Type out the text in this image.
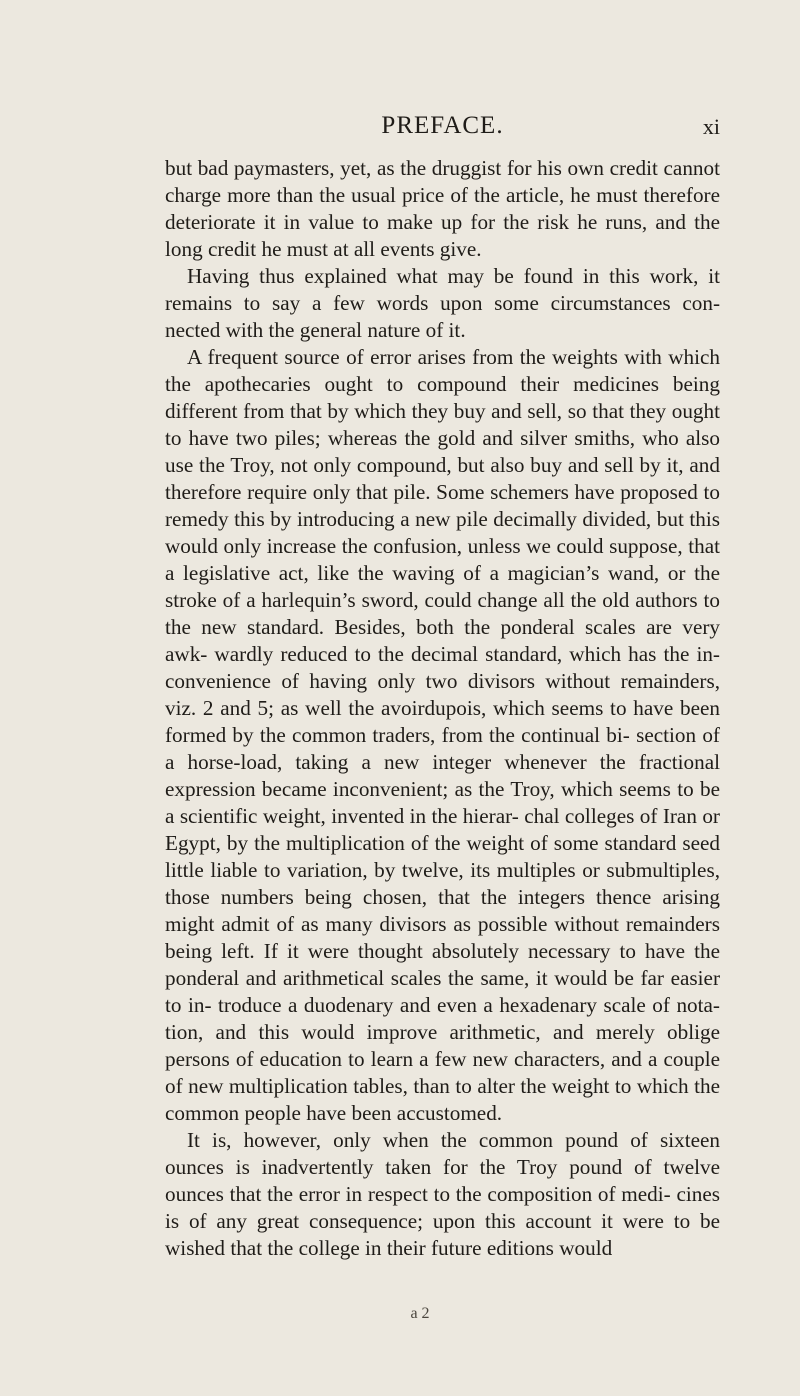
PREFACE.	xi

but bad paymasters, yet, as the druggist for his own credit cannot charge more than the usual price of the article, he must therefore deteriorate it in value to make up for the risk he runs, and the long credit he must at all events give.

Having thus explained what may be found in this work, it remains to say a few words upon some circumstances con- nected with the general nature of it.

A frequent source of error arises from the weights with which the apothecaries ought to compound their medicines being different from that by which they buy and sell, so that they ought to have two piles; whereas the gold and silver smiths, who also use the Troy, not only compound, but also buy and sell by it, and therefore require only that pile. Some schemers have proposed to remedy this by introducing a new pile decimally divided, but this would only increase the confusion, unless we could suppose, that a legislative act, like the waving of a magician’s wand, or the stroke of a harlequin’s sword, could change all the old authors to the new standard. Besides, both the ponderal scales are very awk- wardly reduced to the decimal standard, which has the in- convenience of having only two divisors without remainders, viz. 2 and 5; as well the avoirdupois, which seems to have been formed by the common traders, from the continual bi- section of a horse-load, taking a new integer whenever the fractional expression became inconvenient; as the Troy, which seems to be a scientific weight, invented in the hierar- chal colleges of Iran or Egypt, by the multiplication of the weight of some standard seed little liable to variation, by twelve, its multiples or submultiples, those numbers being chosen, that the integers thence arising might admit of as many divisors as possible without remainders being left. If it were thought absolutely necessary to have the ponderal and arithmetical scales the same, it would be far easier to in- troduce a duodenary and even a hexadenary scale of nota- tion, and this would improve arithmetic, and merely oblige persons of education to learn a few new characters, and a couple of new multiplication tables, than to alter the weight to which the common people have been accustomed.

It is, however, only when the common pound of sixteen ounces is inadvertently taken for the Troy pound of twelve ounces that the error in respect to the composition of medi- cines is of any great consequence; upon this account it were to be wished that the college in their future editions would

a 2
